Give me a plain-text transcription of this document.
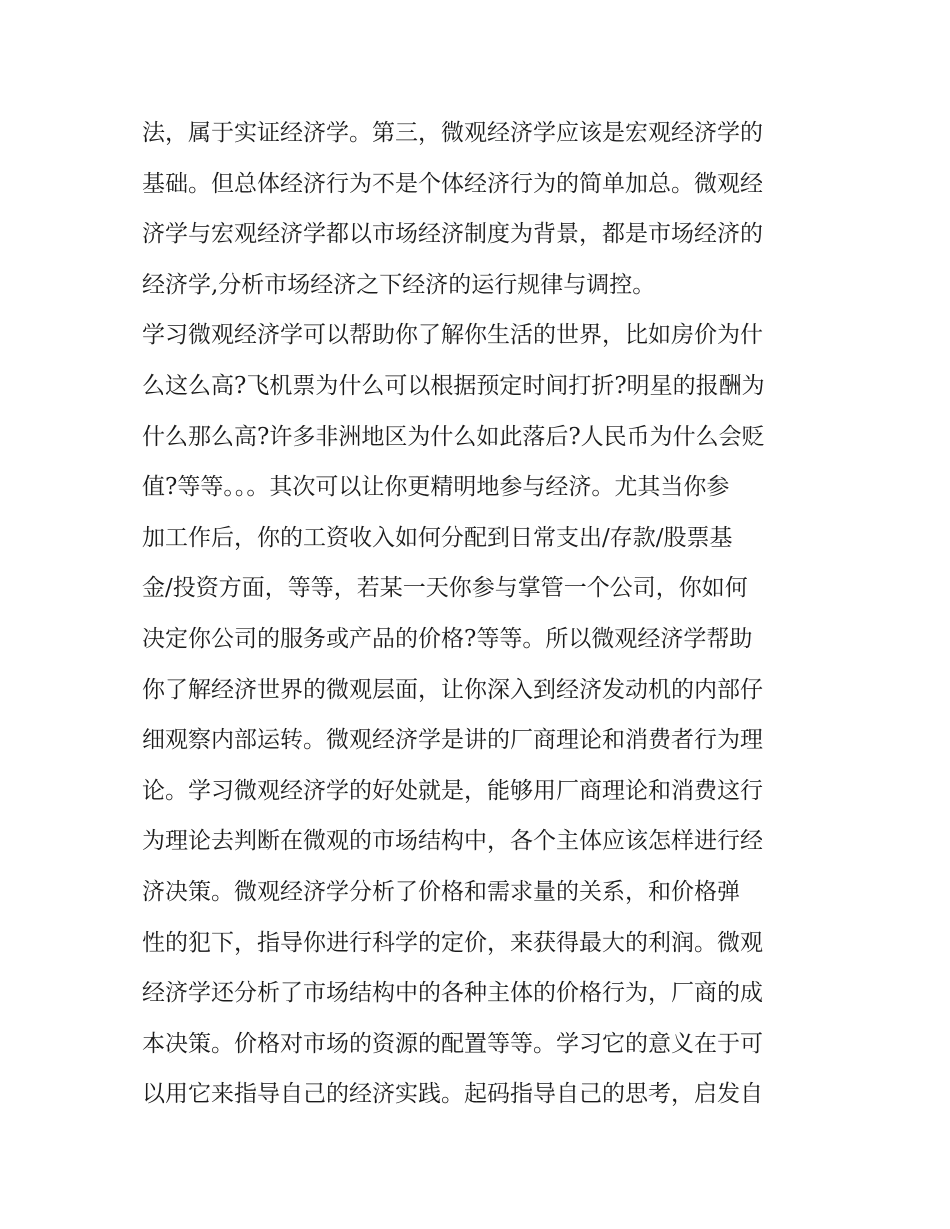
法，属于实证经济学。第三，微观经济学应该是宏观经济学的
基础。但总体经济行为不是个体经济行为的简单加总。微观经
济学与宏观经济学都以市场经济制度为背景，都是市场经济的
经济学,分析市场经济之下经济的运行规律与调控。
学习微观经济学可以帮助你了解你生活的世界，比如房价为什
么这么高?飞机票为什么可以根据预定时间打折?明星的报酬为
什么那么高?许多非洲地区为什么如此落后?人民币为什么会贬
值?等等。。。其次可以让你更精明地参与经济。尤其当你参
加工作后，你的工资收入如何分配到日常支出/存款/股票基
金/投资方面，等等，若某一天你参与掌管一个公司，你如何
决定你公司的服务或产品的价格?等等。所以微观经济学帮助
你了解经济世界的微观层面，让你深入到经济发动机的内部仔
细观察内部运转。微观经济学是讲的厂商理论和消费者行为理
论。学习微观经济学的好处就是，能够用厂商理论和消费这行
为理论去判断在微观的市场结构中，各个主体应该怎样进行经
济决策。微观经济学分析了价格和需求量的关系，和价格弹
性的犯下，指导你进行科学的定价，来获得最大的利润。微观
经济学还分析了市场结构中的各种主体的价格行为，厂商的成
本决策。价格对市场的资源的配置等等。学习它的意义在于可
以用它来指导自己的经济实践。起码指导自己的思考，启发自
